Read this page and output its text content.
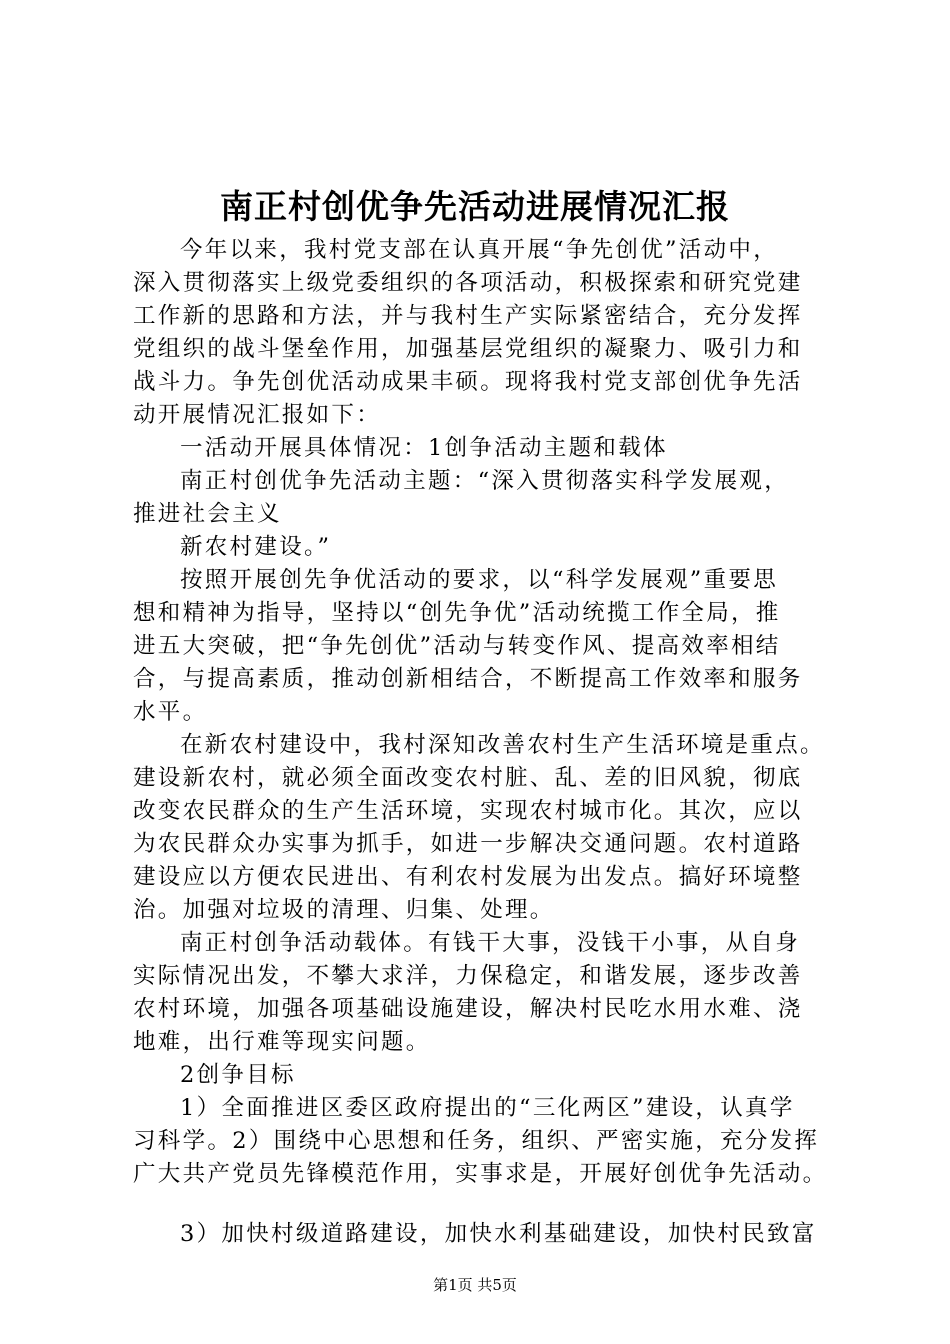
南正村创优争先活动进展情况汇报
今年以来，我村党支部在认真开展“争先创优”活动中，
深入贯彻落实上级党委组织的各项活动，积极探索和研究党建
工作新的思路和方法，并与我村生产实际紧密结合，充分发挥
党组织的战斗堡垒作用，加强基层党组织的凝聚力、吸引力和
战斗力。争先创优活动成果丰硕。现将我村党支部创优争先活
动开展情况汇报如下：
一活动开展具体情况：1创争活动主题和载体
南正村创优争先活动主题：“深入贯彻落实科学发展观，
推进社会主义
新农村建设。”
按照开展创先争优活动的要求，以“科学发展观”重要思
想和精神为指导，坚持以“创先争优”活动统揽工作全局，推
进五大突破，把“争先创优”活动与转变作风、提高效率相结
合，与提高素质，推动创新相结合，不断提高工作效率和服务
水平。
在新农村建设中，我村深知改善农村生产生活环境是重点。
建设新农村，就必须全面改变农村脏、乱、差的旧风貌，彻底
改变农民群众的生产生活环境，实现农村城市化。其次，应以
为农民群众办实事为抓手，如进一步解决交通问题。农村道路
建设应以方便农民进出、有利农村发展为出发点。搞好环境整
治。加强对垃圾的清理、归集、处理。
南正村创争活动载体。有钱干大事，没钱干小事，从自身
实际情况出发，不攀大求洋，力保稳定，和谐发展，逐步改善
农村环境，加强各项基础设施建设，解决村民吃水用水难、浇
地难，出行难等现实问题。
2创争目标
1）全面推进区委区政府提出的“三化两区”建设，认真学
习科学。2）围绕中心思想和任务，组织、严密实施，充分发挥
广大共产党员先锋模范作用，实事求是，开展好创优争先活动。
3）加快村级道路建设，加快水利基础建设，加快村民致富
第1页 共5页
